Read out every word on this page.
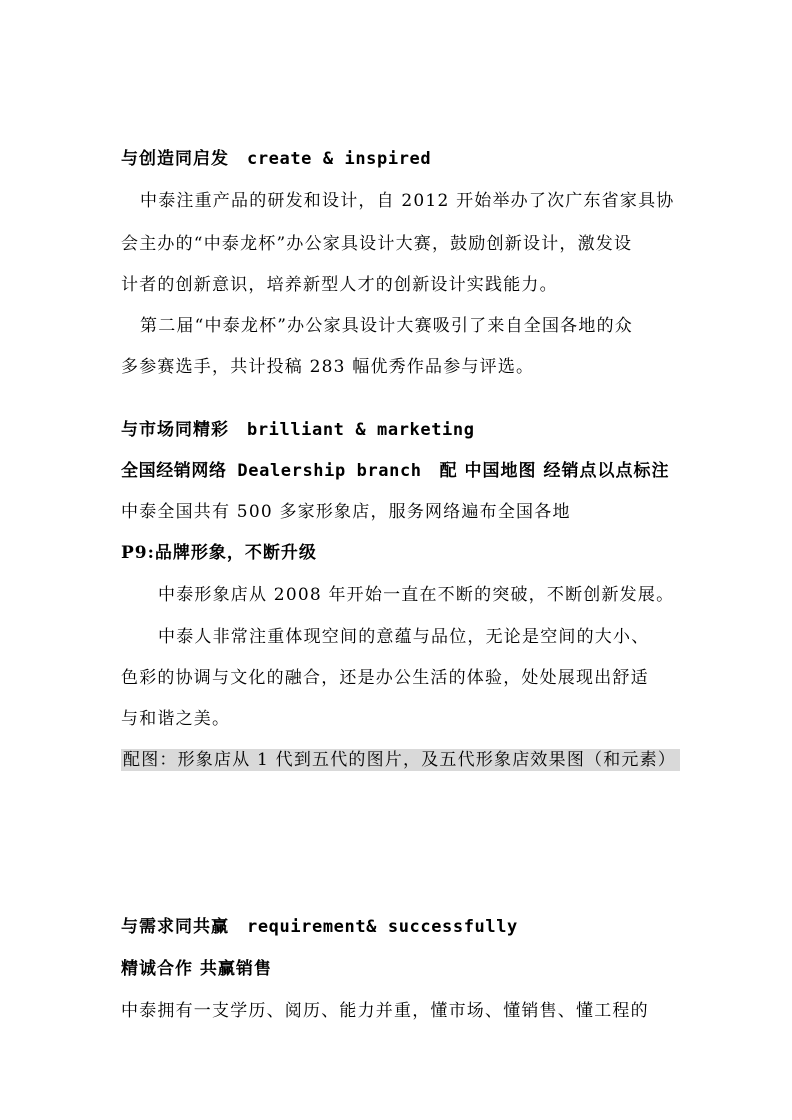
与创造同启发 create & inspired
中泰注重产品的研发和设计，自 2012 开始举办了次广东省家具协
会主办的“中泰龙杯”办公家具设计大赛，鼓励创新设计，激发设
计者的创新意识，培养新型人才的创新设计实践能力。
第二届“中泰龙杯”办公家具设计大赛吸引了来自全国各地的众
多参赛选手，共计投稿 283 幅优秀作品参与评选。
与市场同精彩 brilliant & marketing
全国经销网络 Dealership branch 配 中国地图 经销点以点标注
中泰全国共有 500 多家形象店，服务网络遍布全国各地
P9:品牌形象，不断升级
中泰形象店从 2008 年开始一直在不断的突破，不断创新发展。
中泰人非常注重体现空间的意蕴与品位，无论是空间的大小、
色彩的协调与文化的融合，还是办公生活的体验，处处展现出舒适
与和谐之美。
配图：形象店从 1 代到五代的图片，及五代形象店效果图（和元素）
与需求同共赢 requirement& successfully
精诚合作 共赢销售
中泰拥有一支学历、阅历、能力并重，懂市场、懂销售、懂工程的
